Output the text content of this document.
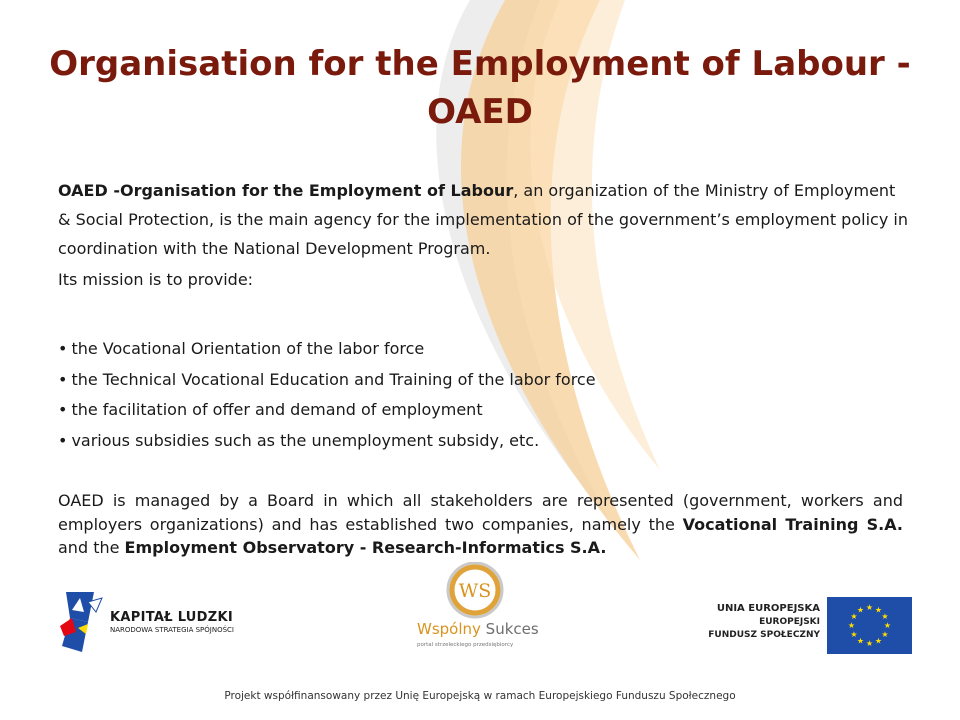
Organisation for the Employment of Labour - OAED

OAED -Organisation for the Employment of Labour, an organization of the Ministry of Employment & Social Protection, is the main agency for the implementation of the government’s employment policy in coordination with the National Development Program.

Its mission is to provide:

• the Vocational Orientation of the labor force
• the Technical Vocational Education and Training of the labor force
• the facilitation of offer and demand of employment
• various subsidies such as the unemployment subsidy, etc.

OAED is managed by a Board in which all stakeholders are represented (government, workers and employers organizations) and has established two companies, namely the Vocational Training S.A. and the Employment Observatory - Research-Informatics S.A.

KAPITAŁ LUDZKI
NARODOWA STRATEGIA SPÓJNOŚCI
WS
Wspólny Sukces
portal strzeleckiego przedsiębiorcy
UNIA EUROPEJSKA
EUROPEJSKI
FUNDUSZ SPOŁECZNY
★ ★
★
★
★
★
★
★
★
★
★
★
Projekt współfinansowany przez Unię Europejską w ramach Europejskiego Funduszu Społecznego
